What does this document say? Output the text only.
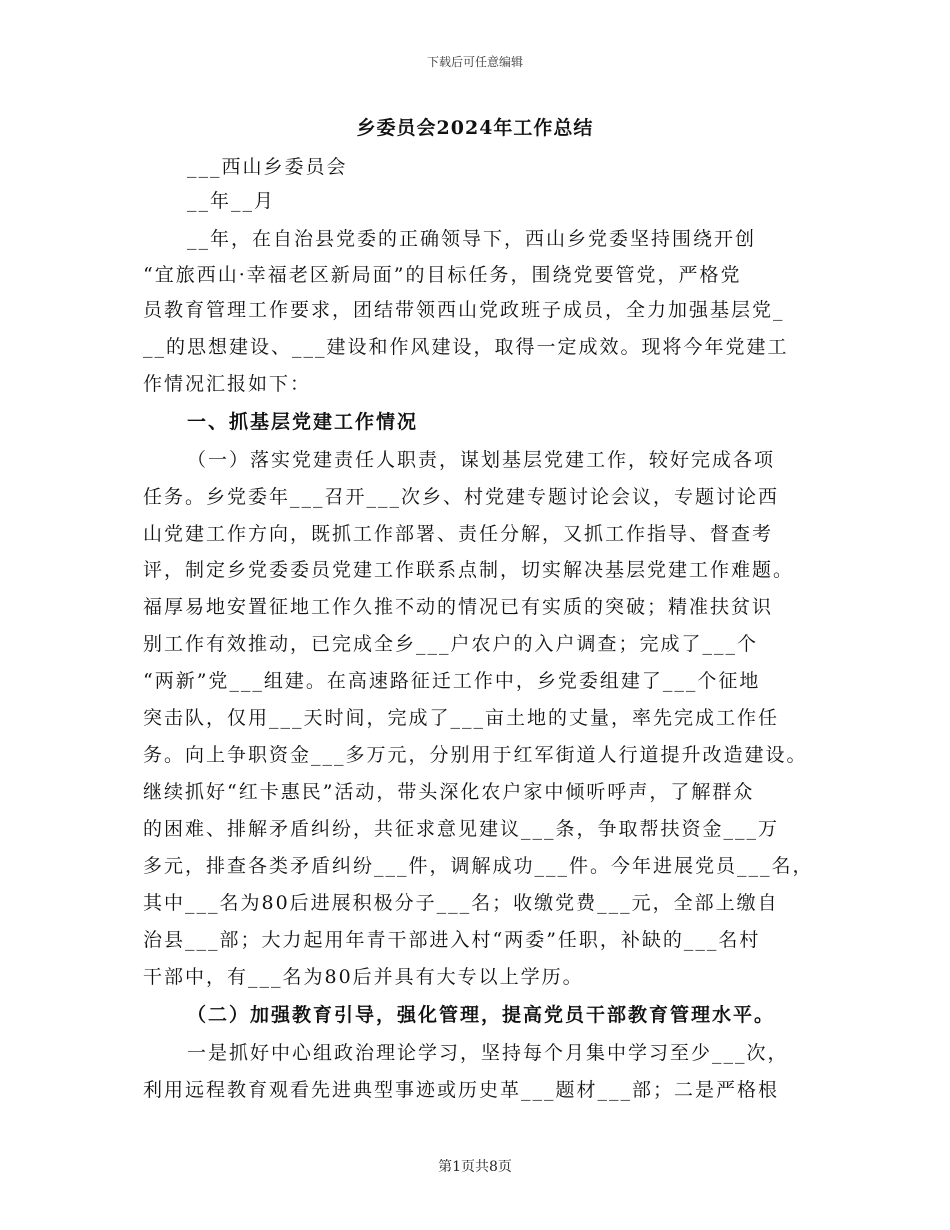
下载后可任意编辑
乡委员会2024年工作总结
___西山乡委员会
__年__月
__年，在自治县党委的正确领导下，西山乡党委坚持围绕开创
“宜旅西山·幸福老区新局面”的目标任务，围绕党要管党，严格党
员教育管理工作要求，团结带领西山党政班子成员，全力加强基层党_
__的思想建设、___建设和作风建设，取得一定成效。现将今年党建工
作情况汇报如下：
一、抓基层党建工作情况
（一）落实党建责任人职责，谋划基层党建工作，较好完成各项
任务。乡党委年___召开___次乡、村党建专题讨论会议，专题讨论西
山党建工作方向，既抓工作部署、责任分解，又抓工作指导、督查考
评，制定乡党委委员党建工作联系点制，切实解决基层党建工作难题。
福厚易地安置征地工作久推不动的情况已有实质的突破；精准扶贫识
别工作有效推动，已完成全乡___户农户的入户调查；完成了___个
“两新”党___组建。在高速路征迁工作中，乡党委组建了___个征地
突击队，仅用___天时间，完成了___亩土地的丈量，率先完成工作任
务。向上争职资金___多万元，分别用于红军街道人行道提升改造建设。
继续抓好“红卡惠民”活动，带头深化农户家中倾听呼声，了解群众
的困难、排解矛盾纠纷，共征求意见建议___条，争取帮扶资金___万
多元，排查各类矛盾纠纷___件，调解成功___件。今年进展党员___名，
其中___名为80后进展积极分子___名；收缴党费___元，全部上缴自
治县___部；大力起用年青干部进入村“两委”任职，补缺的___名村
干部中，有___名为80后并具有大专以上学历。
（二）加强教育引导，强化管理，提高党员干部教育管理水平。
一是抓好中心组政治理论学习，坚持每个月集中学习至少___次，
利用远程教育观看先进典型事迹或历史革___题材___部；二是严格根
第1页共8页
